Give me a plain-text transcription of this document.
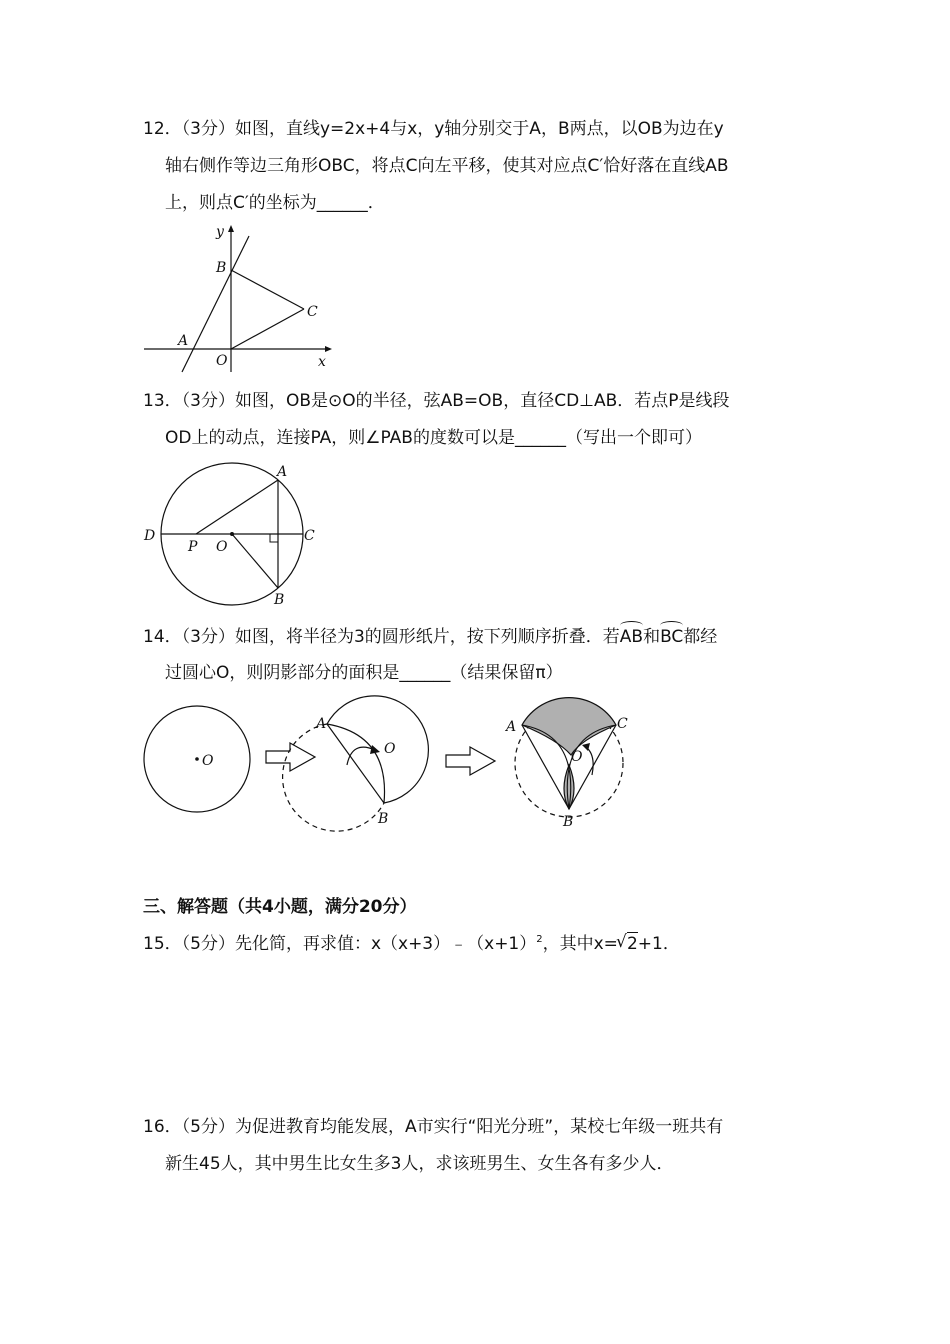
12．（3分）如图，直线y=2x+4与x，y轴分别交于A，B两点，以OB为边在y
轴右侧作等边三角形OBC，将点C向左平移，使其对应点C′恰好落在直线AB
上，则点C′的坐标为______．
y
B
C
A
O	x
13．（3分）如图，OB是⊙O的半径，弦AB=OB，直径CD⊥AB．若点P是线段
OD上的动点，连接PA，则∠PAB的度数可以是______（写出一个即可）
A
D
P O
C
B
14．（3分）如图，将半径为3的圆形纸片，按下列顺序折叠．若AB和BC都经
过圆心O，则阴影部分的面积是______（结果保留π）
O
A
O
B
A	C
O
B
三、解答题（共4小题，满分20分）
15．（5分）先化简，再求值：$x(x+3)﹣(x+1)^2$，其中x=√ 2+1．
16．（5分）为促进教育均能发展，A市实行“阳光分班”，某校七年级一班共有
新生45人，其中男生比女生多3人，求该班男生、女生各有多少人．
